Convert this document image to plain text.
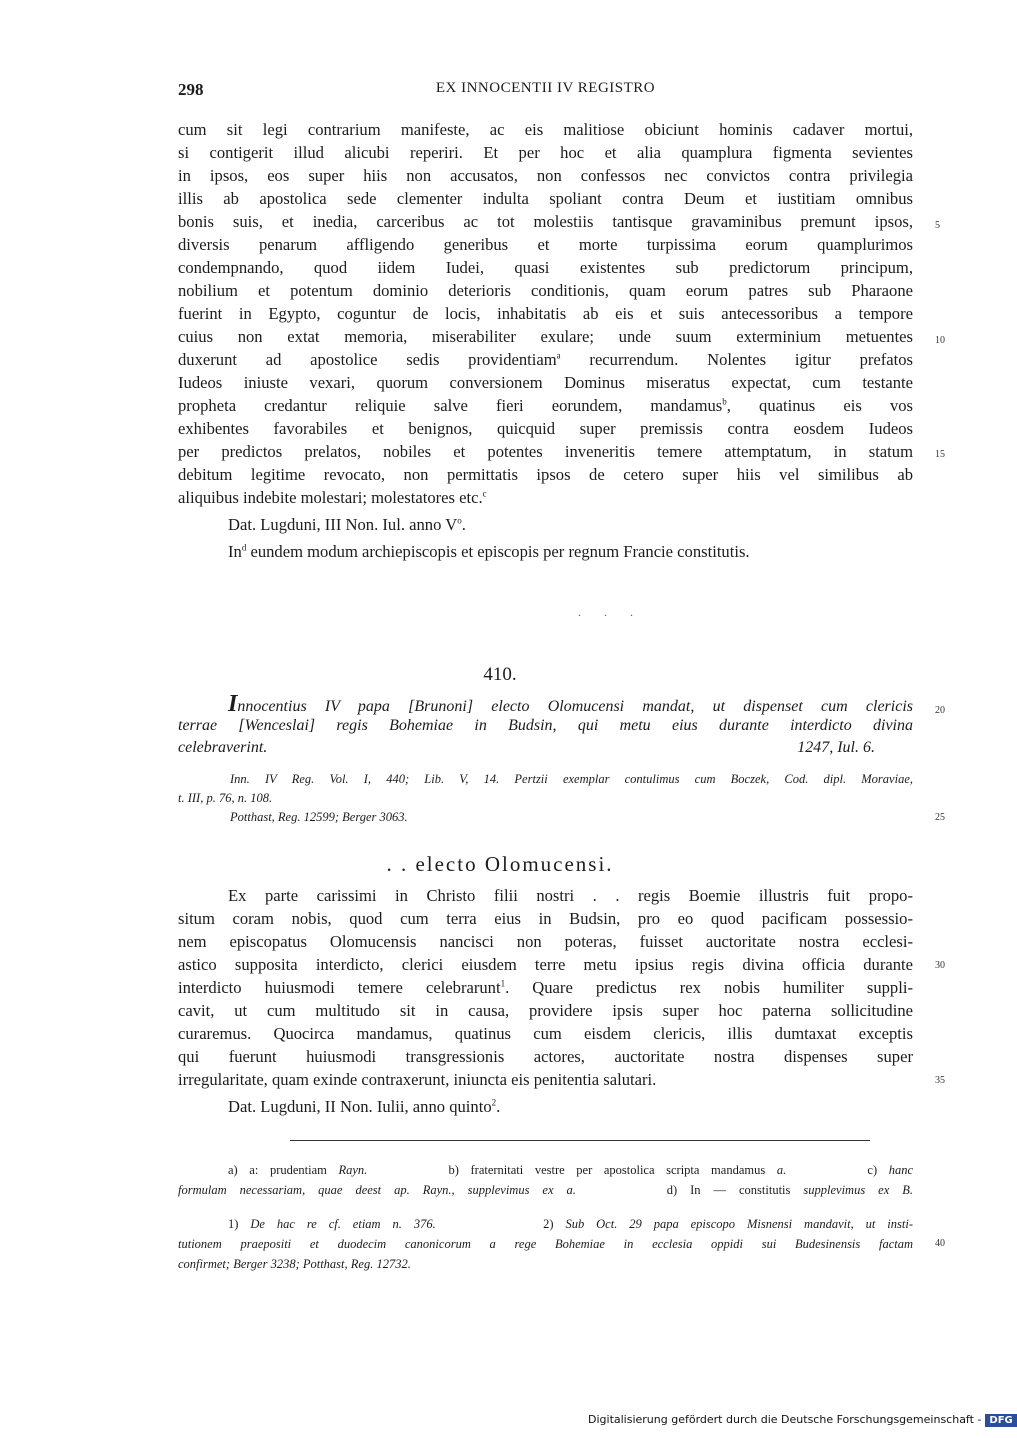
298	EX INNOCENTII IV REGISTRO
cum sit legi contrarium manifeste, ac eis malitiose obiciunt hominis cadaver mortui,
si contigerit illud alicubi reperiri. Et per hoc et alia quamplura figmenta sevientes
in ipsos, eos super hiis non accusatos, non confessos nec convictos contra privilegia
illis ab apostolica sede clementer indulta spoliant contra Deum et iustitiam omnibus
bonis suis, et inedia, carceribus ac tot molestiis tantisque gravaminibus premunt ipsos,
diversis penarum affligendo generibus et morte turpissima eorum quamplurimos
condempnando, quod iidem Iudei, quasi existentes sub predictorum principum,
nobilium et potentum dominio deterioris conditionis, quam eorum patres sub Pharaone
fuerint in Egypto, coguntur de locis, inhabitatis ab eis et suis antecessoribus a tempore
cuius non extat memoria, miserabiliter exulare; unde suum exterminium metuentes
duxerunt ad apostolice sedis providentiam$^a$ recurrendum. Nolentes igitur prefatos
Iudeos iniuste vexari, quorum conversionem Dominus miseratus expectat, cum testante
propheta credantur reliquie salve fieri eorundem, mandamus$^b$, quatinus eis vos
exhibentes favorabiles et benignos, quicquid super premissis contra eosdem Iudeos
per predictos prelatos, nobiles et potentes inveneritis temere attemptatum, in statum
debitum legitime revocato, non permittatis ipsos de cetero super hiis vel similibus ab
aliquibus indebite molestari; molestatores etc.$^c$
Dat. Lugduni, III Non. Iul. anno $V^o$.
In$^d$ eundem modum archiepiscopis et episcopis per regnum Francie constitutis.
5
10
15
20
25
30
35
40
. . .
410.
Innocentius IV papa [Brunoni] electo Olomucensi mandat, ut dispenset cum clericis
terrae [Wenceslai] regis Bohemiae in Budsin, qui metu eius durante interdicto divina
celebraverint.	1247, Iul. 6.
Inn. IV Reg. Vol. I, 440; Lib. V, 14. Pertzii exemplar contulimus cum Boczek, Cod. dipl. Moraviae,
t. III, p. 76, n. 108.
Potthast, Reg. 12599; Berger 3063.
. . electo Olomucensi.
Ex parte carissimi in Christo filii nostri . . regis Boemie illustris fuit propo-
situm coram nobis, quod cum terra eius in Budsin, pro eo quod pacificam possessio-
nem episcopatus Olomucensis nancisci non poteras, fuisset auctoritate nostra ecclesi-
astico supposita interdicto, clerici eiusdem terre metu ipsius regis divina officia durante
interdicto huiusmodi temere celebrarunt$^1$. Quare predictus rex nobis humiliter suppli-
cavit, ut cum multitudo sit in causa, providere ipsis super hoc paterna sollicitudine
curaremus. Quocirca mandamus, quatinus cum eisdem clericis, illis dumtaxat exceptis
qui fuerunt huiusmodi transgressionis actores, auctoritate nostra dispenses super
irregularitate, quam exinde contraxerunt, iniuncta eis penitentia salutari.
Dat. Lugduni, II Non. Iulii, anno quinto$^2$.
a) a: prudentiam Rayn.	b) fraternitati vestre per apostolica scripta mandamus a.	c) hanc
formulam necessariam, quae deest ap. Rayn., supplevimus ex a.	d) In — constitutis supplevimus ex B.
1) De hac re cf. etiam n. 376.	2) Sub Oct. 29 papa episcopo Misnensi mandavit, ut insti-
tutionem praepositi et duodecim canonicorum a rege Bohemiae in ecclesia oppidi sui Budesinensis factam
confirmet; Berger 3238; Potthast, Reg. 12732.
Digitalisierung gefördert durch die Deutsche Forschungsgemeinschaft - DFG
